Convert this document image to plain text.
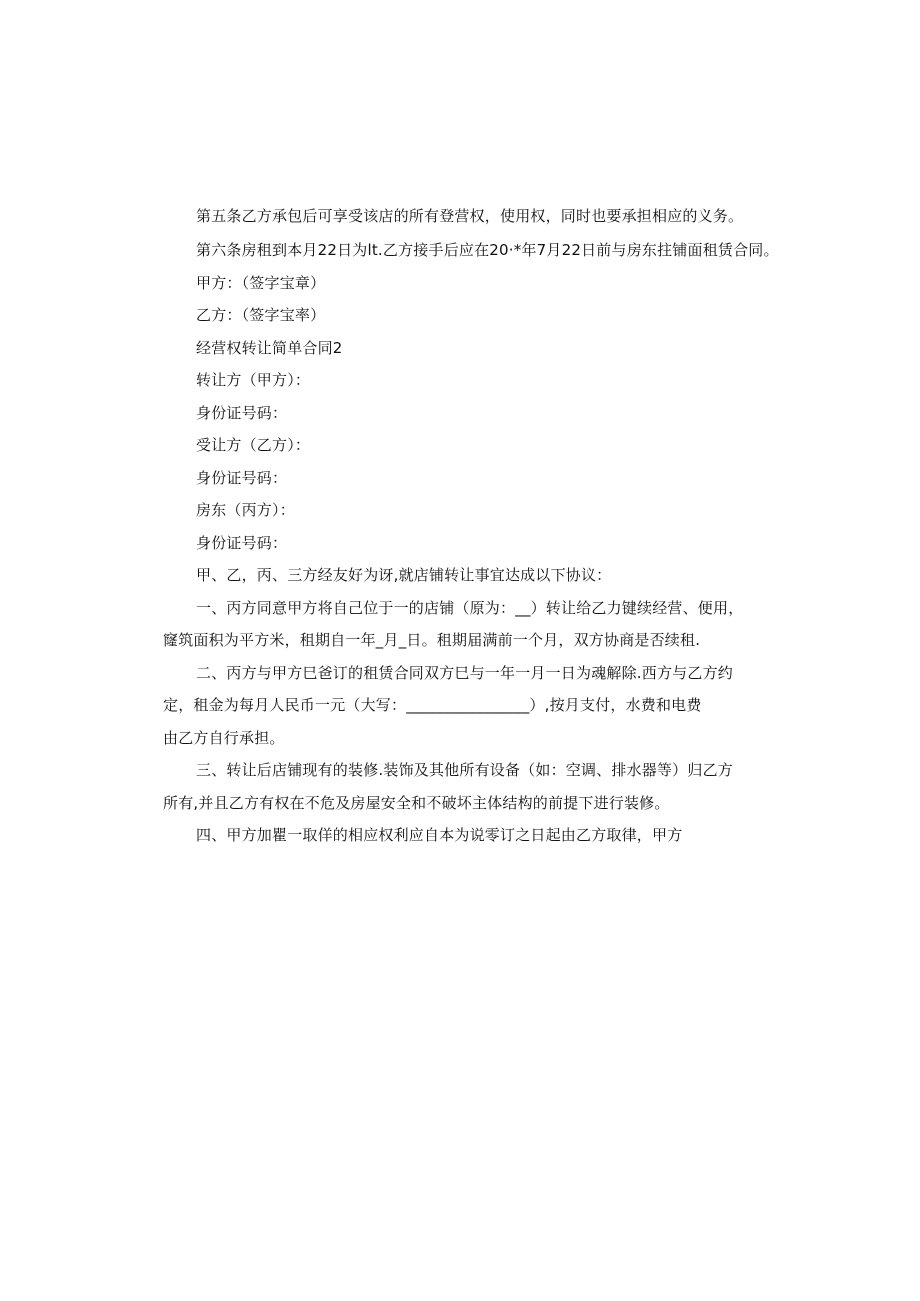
第五条乙方承包后可享受该店的所有登营权，使用权，同时也要承担相应的义务。
第六条房租到本月22日为lt.乙方接手后应在20·*年7月22日前与房东拄铺面租赁合同。
甲方：（签字宝章）
乙方：（签字宝率）
经营权转让简单合同2
转让方（甲方）：
身份证号码：
受让方（乙方）：
身份证号码：
房东（丙方）：
身份证号码：
甲、乙，丙、三方经友好为讶,就店铺转让事宜达成以下协议：
一、丙方同意甲方将自己位于一的店铺（原为：__）转让给乙力键续经营、便用，
窿筑面积为平方米，租期自一年_月_日。租期届满前一个月，双方协商是否续租.
二、丙方与甲方巳爸订的租赁合同双方巳与一年一月一日为魂解除.西方与乙方约
定，租金为每月人民币一元（大写：________________）,按月支付，水费和电费
由乙方自行承担。
三、转让后店铺现有的装修.装饰及其他所有设备（如：空调、排水器等）归乙方
所有,并且乙方有权在不危及房屋安全和不破坏主体结构的前提下进行装修。
四、甲方加瞿一取佯的相应权利应自本为说零订之日起由乙方取律，甲方
